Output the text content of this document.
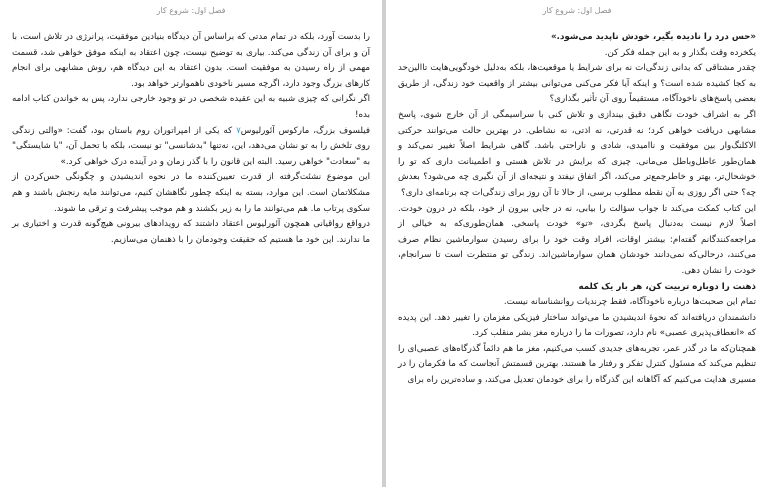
فصل اول: شروع کار

را بدست آورد، بلکه در تمام مدتی که براساس آن دیدگاه بنیادین موفقیت، پرانرژی در تلاش است، با آن و برای آن زندگی می‌کند. بیاری به توضیح نیست، چون اعتقاد به اینکه موفق خواهی شد، قسمت مهمی از راه رسیدن به موفقیت است. بدون اعتقاد به این دیدگاه هم، روش مشابهی برای انجام کارهای بزرگ وجود دارد، اگرچه مسیر ناخودی ناهموارتر خواهد بود.

اگر نگرانی که چیزی شبیه به این عقیده شخصی در تو وجود خارجی ندارد، پس به خواندن کتاب ادامه بده!

فیلسوف بزرگ، مارکوس آئورلیوس٧ که یکی از امپراتوران روم باستان بود، گفت: «والتی زندگی روی تلخش را به تو نشان می‌دهد، این، نه‌تنها "بدشانسی" تو نیست، بلکه با تحمل آن، "با شایستگی" به "سعادت" خواهی رسید. البته این قانون را با گذر زمان و در آینده درک خواهی کرد.»

این موضوع نشئت‌گرفته از قدرت تعیین‌کننده‌ ما در نحوه اندیشیدن و چگونگی حس‌کردن از مشکلاتمان است. این موارد، بسته به اینکه چطور نگاهشان کنیم، می‌توانند مایه رنجش باشند و هم سکوی پرتاب ما. هم می‌توانند ما را به زیر بکشند و هم موجب پیشرفت و ترقی ما شوند.

درواقع رواقیانی همچون آئورلیوس اعتقاد داشتند که رویدادهای بیرونی هیچ‌گونه قدرت و اختیاری بر ما ندارند. این خود ما هستیم که حقیقت وجودمان را با ذهنمان می‌سازیم.

فصل اول: شروع کار

«حس درد را نادیده بگیر، خودش ناپدید می‌شود.»

یکخرده وقت بگذار و به این جمله فکر کن.

چقدر مشتاقی که بدانی زندگی‌ات نه برای شرایط یا موقعیت‌ها، بلکه به‌دلیل خودگویی‌هایت تاالین‌حد به کجا کشیده شده است؟ و اینکه آیا فکر می‌کنی می‌توانی بیشتر از واقعیت خود زندگی، از طریق بعضی پاسخ‌های ناخودآگاه، مستقیماً روی آن تأثیر بگذاری؟

اگر به اشراف خودت نگاهی دقیق بیندازی و تلاش کنی با سراسیمگی از آن خارج شوی، پاسخ مشابهی دریافت خواهی کرد؛ نه قدرتی، نه اذتی، نه نشاطی. در بهترین حالت می‌توانند حرکتی الاکلنگ‌وار بین موفقیت و ناامیدی، شادی و ناراحتی باشد. گاهی شرایط اصلاً تغییر نمی‌کند و همان‌طور عاطل‌وباطل می‌مانی. چیزی که برایش در تلاش هستی و اطمینانت داری که تو را خوشحال‌تر، بهتر و خاطرجمع‌تر می‌کند، اگر اتفاق نیفتد و نتیجه‌ای از آن نگیری چه می‌شود؟ بعدش چه؟ حتی اگر روزی به آن نقطه مطلوب برسی، از حالا تا آن روز برای زندگی‌ات چه برنامه‌ای داری؟

این کتاب کمکت می‌کند تا جواب سؤالت را بیابی، نه در جایی بیرون از خود، بلکه در درون خودت. اصلاً لازم نیست به‌دنبال پاسخ بگردی، «تو» خودت پاسخی. همان‌طوری‌که به خیالی از مراجعه‌کنندگانم گفته‌ام: بیشتر اوقات، افراد وقت خود را برای رسیدن سوار‌ماشین نظام صرف می‌کنند، درحالی‌که نمی‌دانند خودشان همان سوار‌ماشین‌اند. زندگی تو منتظرت است تا سرانجام، خودت را نشان دهی.

ذهنت را دوباره تربیت کن، هر بار یک کلمه

تمام این صحبت‌ها درباره ناخودآگاه، فقط چرندیات روانشناسانه نیست.

دانشمندان دریافته‌اند که نحوهٔ اندیشیدن ما می‌تواند ساختار فیزیکی مغزمان را تغییر دهد. این پدیده که «انعطاف‌پذیری عصبی» نام دارد، تصورات ما را درباره مغز بشر منقلب کرد.

همچنان‌که ما در گذر عمر، تجربه‌های جدیدی کسب می‌کنیم، مغز ما هم دائماً گذرگاه‌های عصبی‌ای را تنظیم می‌کند که مسئول کنترل تفکر و رفتار ما هستند. بهترین قسمتش آنجاست که ما فکرمان را در مسیری هدایت می‌کنیم که آگاهانه این گذرگاه را برای خودمان تعدیل می‌کند، و سادەترین راه برای
